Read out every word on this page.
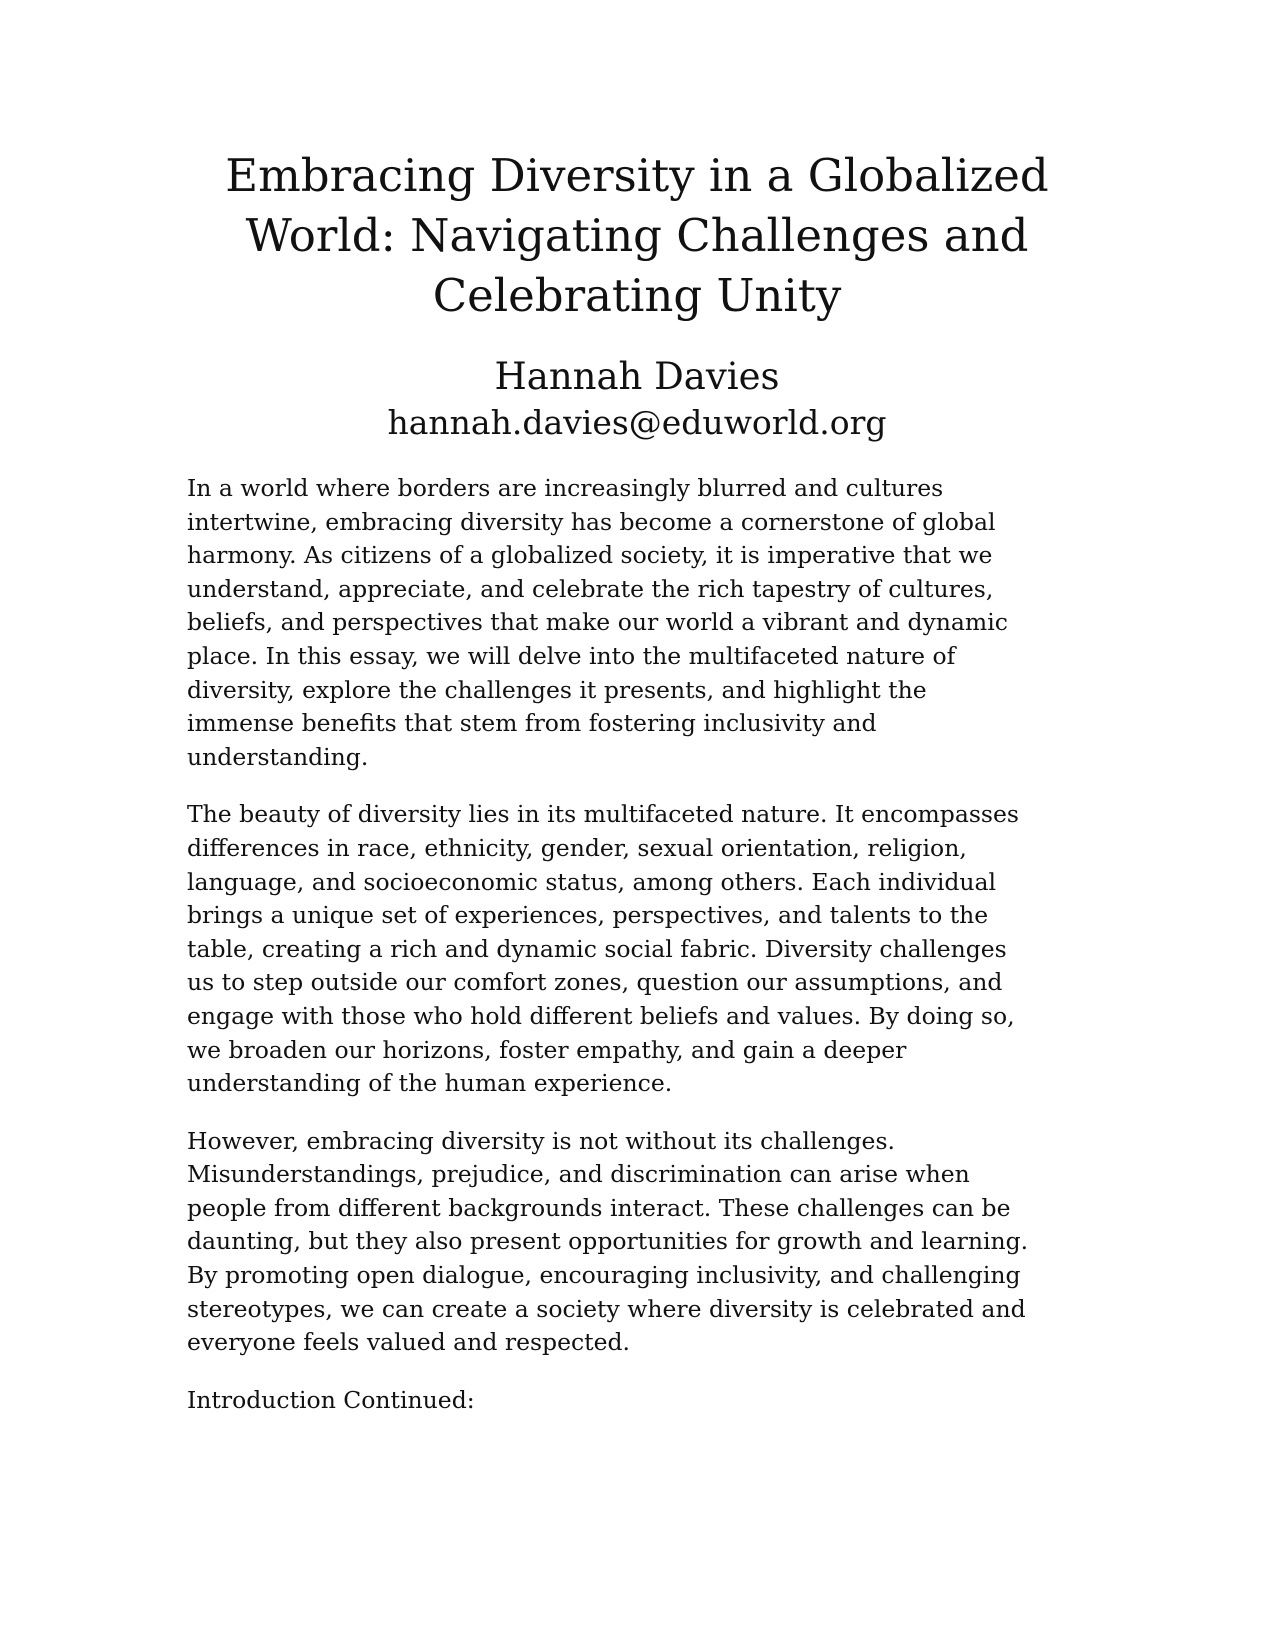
Embracing Diversity in a Globalized
World: Navigating Challenges and
Celebrating Unity
Hannah Davies
hannah.davies@eduworld.org

In a world where borders are increasingly blurred and cultures
intertwine, embracing diversity has become a cornerstone of global
harmony. As citizens of a globalized society, it is imperative that we
understand, appreciate, and celebrate the rich tapestry of cultures,
beliefs, and perspectives that make our world a vibrant and dynamic
place. In this essay, we will delve into the multifaceted nature of
diversity, explore the challenges it presents, and highlight the
immense benefits that stem from fostering inclusivity and
understanding.

The beauty of diversity lies in its multifaceted nature. It encompasses
differences in race, ethnicity, gender, sexual orientation, religion,
language, and socioeconomic status, among others. Each individual
brings a unique set of experiences, perspectives, and talents to the
table, creating a rich and dynamic social fabric. Diversity challenges
us to step outside our comfort zones, question our assumptions, and
engage with those who hold different beliefs and values. By doing so,
we broaden our horizons, foster empathy, and gain a deeper
understanding of the human experience.

However, embracing diversity is not without its challenges.
Misunderstandings, prejudice, and discrimination can arise when
people from different backgrounds interact. These challenges can be
daunting, but they also present opportunities for growth and learning.
By promoting open dialogue, encouraging inclusivity, and challenging
stereotypes, we can create a society where diversity is celebrated and
everyone feels valued and respected.

Introduction Continued:
